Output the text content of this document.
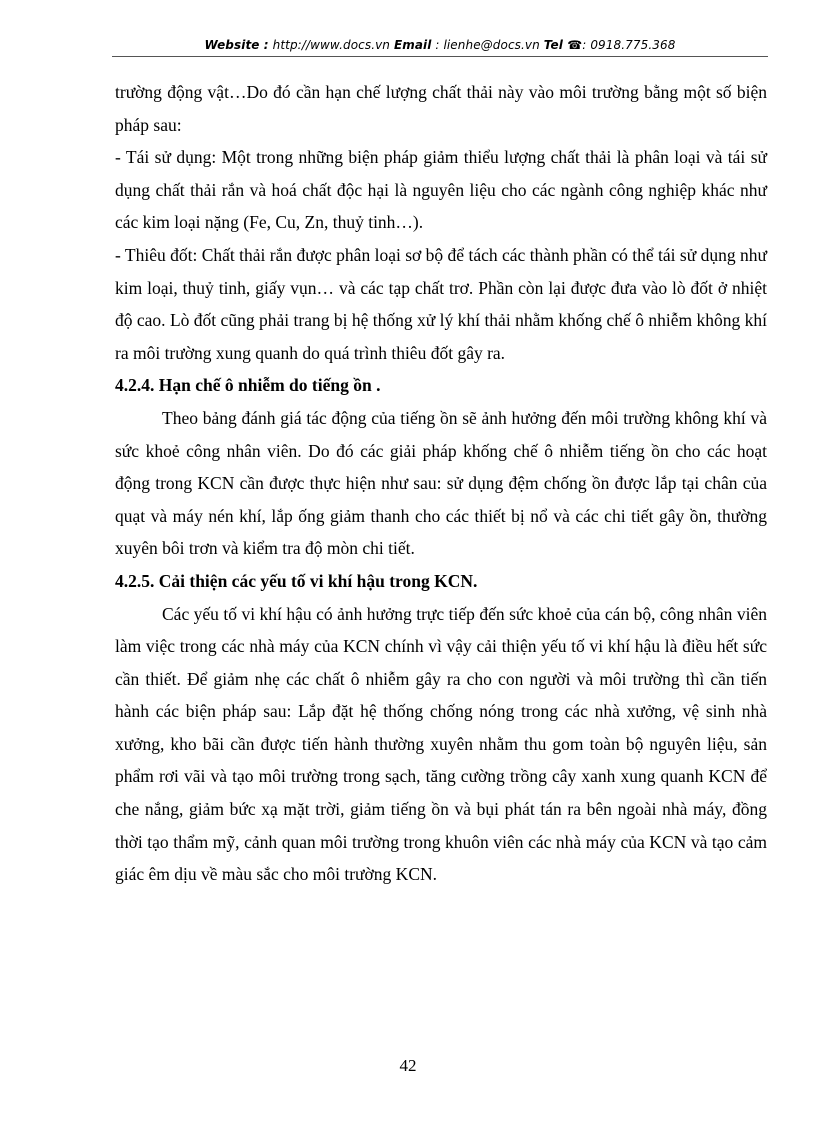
Website : http://www.docs.vn Email : lienhe@docs.vn Tel ☎: 0918.775.368

trường động vật…Do đó cần hạn chế lượng chất thải này vào môi trường bằng một số biện pháp sau:

- Tái sử dụng: Một trong những biện pháp giảm thiểu lượng chất thải là phân loại và tái sử dụng chất thải rắn và hoá chất độc hại là nguyên liệu cho các ngành công nghiệp khác như các kim loại nặng (Fe, Cu, Zn, thuỷ tinh…).

- Thiêu đốt: Chất thải rắn được phân loại sơ bộ để tách các thành phần có thể tái sử dụng như kim loại, thuỷ tinh, giấy vụn… và các tạp chất trơ. Phần còn lại được đưa vào lò đốt ở nhiệt độ cao. Lò đốt cũng phải trang bị hệ thống xử lý khí thải nhằm khống chế ô nhiễm không khí ra môi trường xung quanh do quá trình thiêu đốt gây ra.

4.2.4. Hạn chế ô nhiễm do tiếng ồn .

Theo bảng đánh giá tác động của tiếng ồn sẽ ảnh hưởng đến môi trường không khí và sức khoẻ công nhân viên. Do đó các giải pháp khống chế ô nhiễm tiếng ồn cho các hoạt động trong KCN cần được thực hiện như sau: sử dụng đệm chống ồn được lắp tại chân của quạt và máy nén khí, lắp ống giảm thanh cho các thiết bị nổ và các chi tiết gây ồn, thường xuyên bôi trơn và kiểm tra độ mòn chi tiết.

4.2.5. Cải thiện các yếu tố vi khí hậu trong KCN.

Các yếu tố vi khí hậu có ảnh hưởng trực tiếp đến sức khoẻ của cán bộ, công nhân viên làm việc trong các nhà máy của KCN chính vì vậy cải thiện yếu tố vi khí hậu là điều hết sức cần thiết. Để giảm nhẹ các chất ô nhiễm gây ra cho con người và môi trường thì cần tiến hành các biện pháp sau: Lắp đặt hệ thống chống nóng trong các nhà xưởng, vệ sinh nhà xưởng, kho bãi cần được tiến hành thường xuyên nhằm thu gom toàn bộ nguyên liệu, sản phẩm rơi vãi và tạo môi trường trong sạch, tăng cường trồng cây xanh xung quanh KCN để che nắng, giảm bức xạ mặt trời, giảm tiếng ồn và bụi phát tán ra bên ngoài nhà máy, đồng thời tạo thẩm mỹ, cảnh quan môi trường trong khuôn viên các nhà máy của KCN và tạo cảm giác êm dịu về màu sắc cho môi trường KCN.

42
